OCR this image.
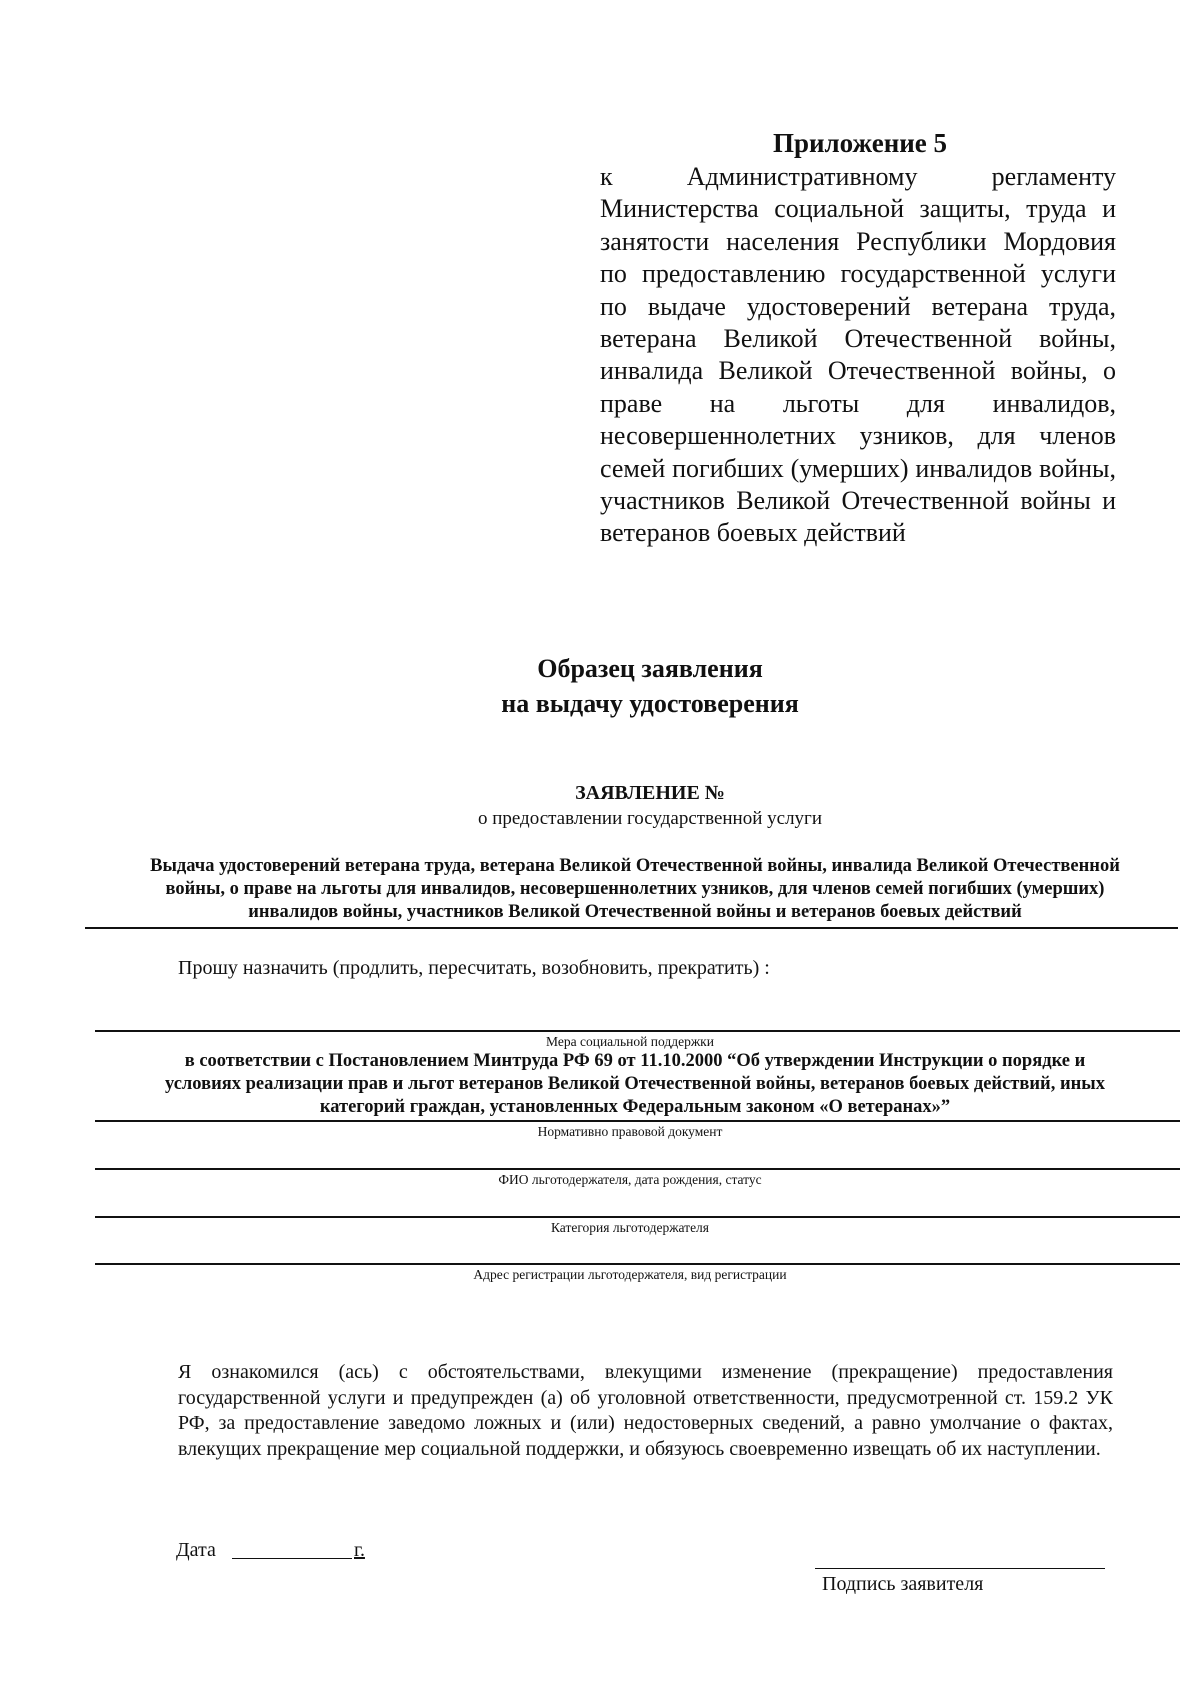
Приложение 5
к Административному регламенту Министерства социальной защиты, труда и занятости населения Республики Мордовия по предоставлению государственной услуги по выдаче удостоверений ветерана труда, ветерана Великой Отечественной войны, инвалида Великой Отечественной войны, о праве на льготы для инвалидов, несовершеннолетних узников, для членов семей погибших (умерших) инвалидов войны, участников Великой Отечественной войны и ветеранов боевых действий
Образец заявления
на выдачу удостоверения
ЗАЯВЛЕНИЕ №
о предоставлении государственной услуги
Выдача удостоверений ветерана труда, ветерана Великой Отечественной войны, инвалида Великой Отечественной
войны, о праве на льготы для инвалидов, несовершеннолетних узников, для членов семей погибших (умерших)
инвалидов войны, участников Великой Отечественной войны и ветеранов боевых действий
Прошу назначить (продлить, пересчитать, возобновить, прекратить) :
Мера социальной поддержки
в соответствии с Постановлением Минтруда РФ 69 от 11.10.2000 “Об утверждении Инструкции о порядке и
условиях реализации прав и льгот ветеранов Великой Отечественной войны, ветеранов боевых действий, иных
категорий граждан, установленных Федеральным законом «О ветеранах»”
Нормативно правовой документ
ФИО льготодержателя, дата рождения, статус
Категория льготодержателя
Адрес регистрации льготодержателя, вид регистрации
Я ознакомился (ась) с обстоятельствами, влекущими изменение (прекращение) предоставления государственной услуги и предупрежден (а) об уголовной ответственности, предусмотренной ст. 159.2 УК РФ, за предоставление заведомо ложных и (или) недостоверных сведений, а равно умолчание о фактах, влекущих прекращение мер социальной поддержки, и обязуюсь своевременно извещать об их наступлении.
Дата	г.
Подпись заявителя
